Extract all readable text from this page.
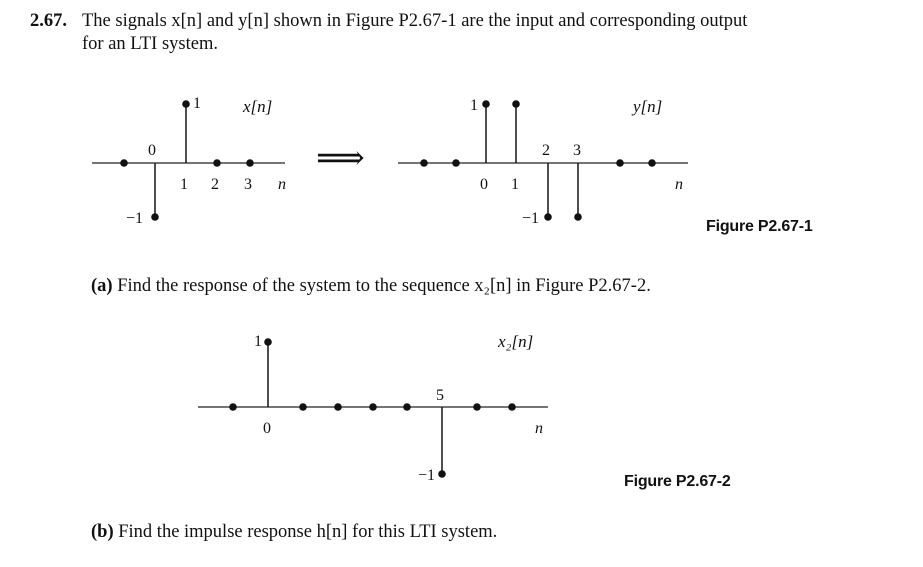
2.67. The signals x[n] and y[n] shown in Figure P2.67-1 are the input and corresponding output
for an LTI system.
0
1 2 3 n
1
−1
x[n]
⟹
0 1
2 3
n
1
−1
y[n]
Figure P2.67-1
(a) Find the response of the system to the sequence x₂[n] in Figure P2.67-2.
0
5
n
1
−1
x₂[n]
Figure P2.67-2
(b) Find the impulse response h[n] for this LTI system.
